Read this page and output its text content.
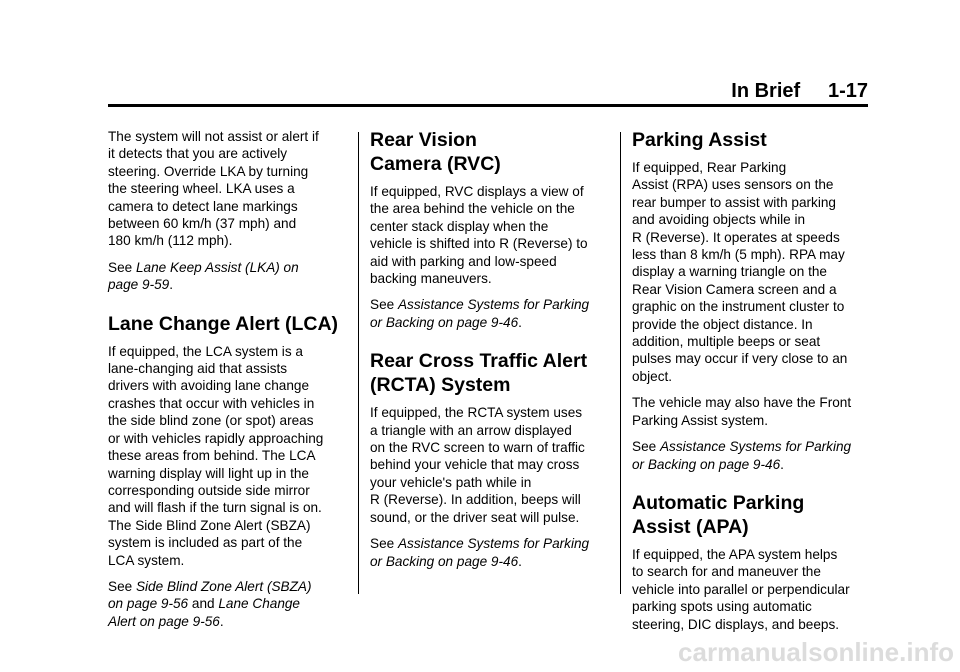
In Brief     1-17

The system will not assist or alert if
it detects that you are actively
steering. Override LKA by turning
the steering wheel. LKA uses a
camera to detect lane markings
between 60 km/h (37 mph) and
180 km/h (112 mph).

See Lane Keep Assist (LKA) on
page 9-59.

Lane Change Alert (LCA)

If equipped, the LCA system is a
lane-changing aid that assists
drivers with avoiding lane change
crashes that occur with vehicles in
the side blind zone (or spot) areas
or with vehicles rapidly approaching
these areas from behind. The LCA
warning display will light up in the
corresponding outside side mirror
and will flash if the turn signal is on.
The Side Blind Zone Alert (SBZA)
system is included as part of the
LCA system.

See Side Blind Zone Alert (SBZA)
on page 9-56 and Lane Change
Alert on page 9-56.

Rear Vision
Camera (RVC)

If equipped, RVC displays a view of
the area behind the vehicle on the
center stack display when the
vehicle is shifted into R (Reverse) to
aid with parking and low-speed
backing maneuvers.

See Assistance Systems for Parking
or Backing on page 9-46.

Rear Cross Traffic Alert
(RCTA) System

If equipped, the RCTA system uses
a triangle with an arrow displayed
on the RVC screen to warn of traffic
behind your vehicle that may cross
your vehicle's path while in
R (Reverse). In addition, beeps will
sound, or the driver seat will pulse.

See Assistance Systems for Parking
or Backing on page 9-46.

Parking Assist

If equipped, Rear Parking
Assist (RPA) uses sensors on the
rear bumper to assist with parking
and avoiding objects while in
R (Reverse). It operates at speeds
less than 8 km/h (5 mph). RPA may
display a warning triangle on the
Rear Vision Camera screen and a
graphic on the instrument cluster to
provide the object distance. In
addition, multiple beeps or seat
pulses may occur if very close to an
object.

The vehicle may also have the Front
Parking Assist system.

See Assistance Systems for Parking
or Backing on page 9-46.

Automatic Parking
Assist (APA)

If equipped, the APA system helps
to search for and maneuver the
vehicle into parallel or perpendicular
parking spots using automatic
steering, DIC displays, and beeps.

carmanualsonline.info
